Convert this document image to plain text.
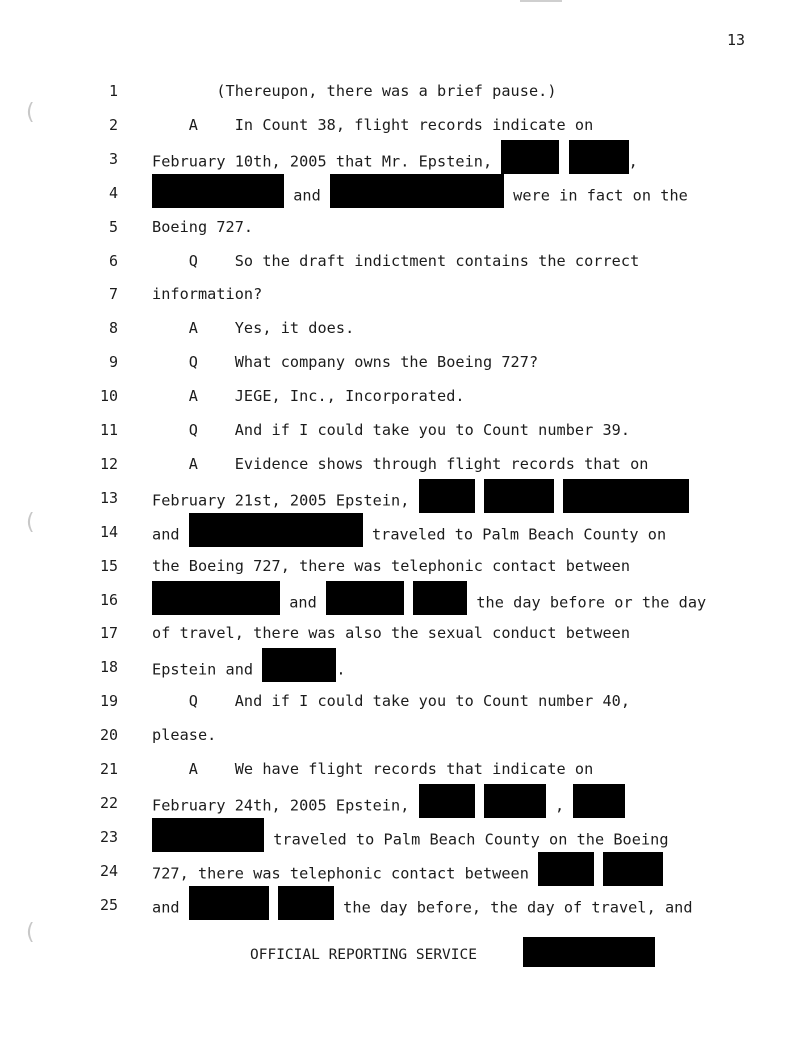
13
(
(
(
1 (Thereupon, there was a brief pause.)
2 A    In Count 38, flight records indicate on
3 February 10th, 2005 that Mr. Epstein,	,
4	and	were in fact on the
5 Boeing 727.
6 Q    So the draft indictment contains the correct
7 information?
8 A    Yes, it does.
9 Q    What company owns the Boeing 727?
10 A    JEGE, Inc., Incorporated.
11 Q    And if I could take you to Count number 39.
12 A    Evidence shows through flight records that on
13 February 21st, 2005 Epstein,
14 and	traveled to Palm Beach County on
15 the Boeing 727, there was telephonic contact between
16	and	the day before or the day
17 of travel, there was also the sexual conduct between
18 Epstein and	.
19 Q    And if I could take you to Count number 40,
20 please.
21 A    We have flight records that indicate on
22 February 24th, 2005 Epstein,	,
23	traveled to Palm Beach County on the Boeing
24 727, there was telephonic contact between
25 and	the day before, the day of travel, and
OFFICIAL REPORTING SERVICE
